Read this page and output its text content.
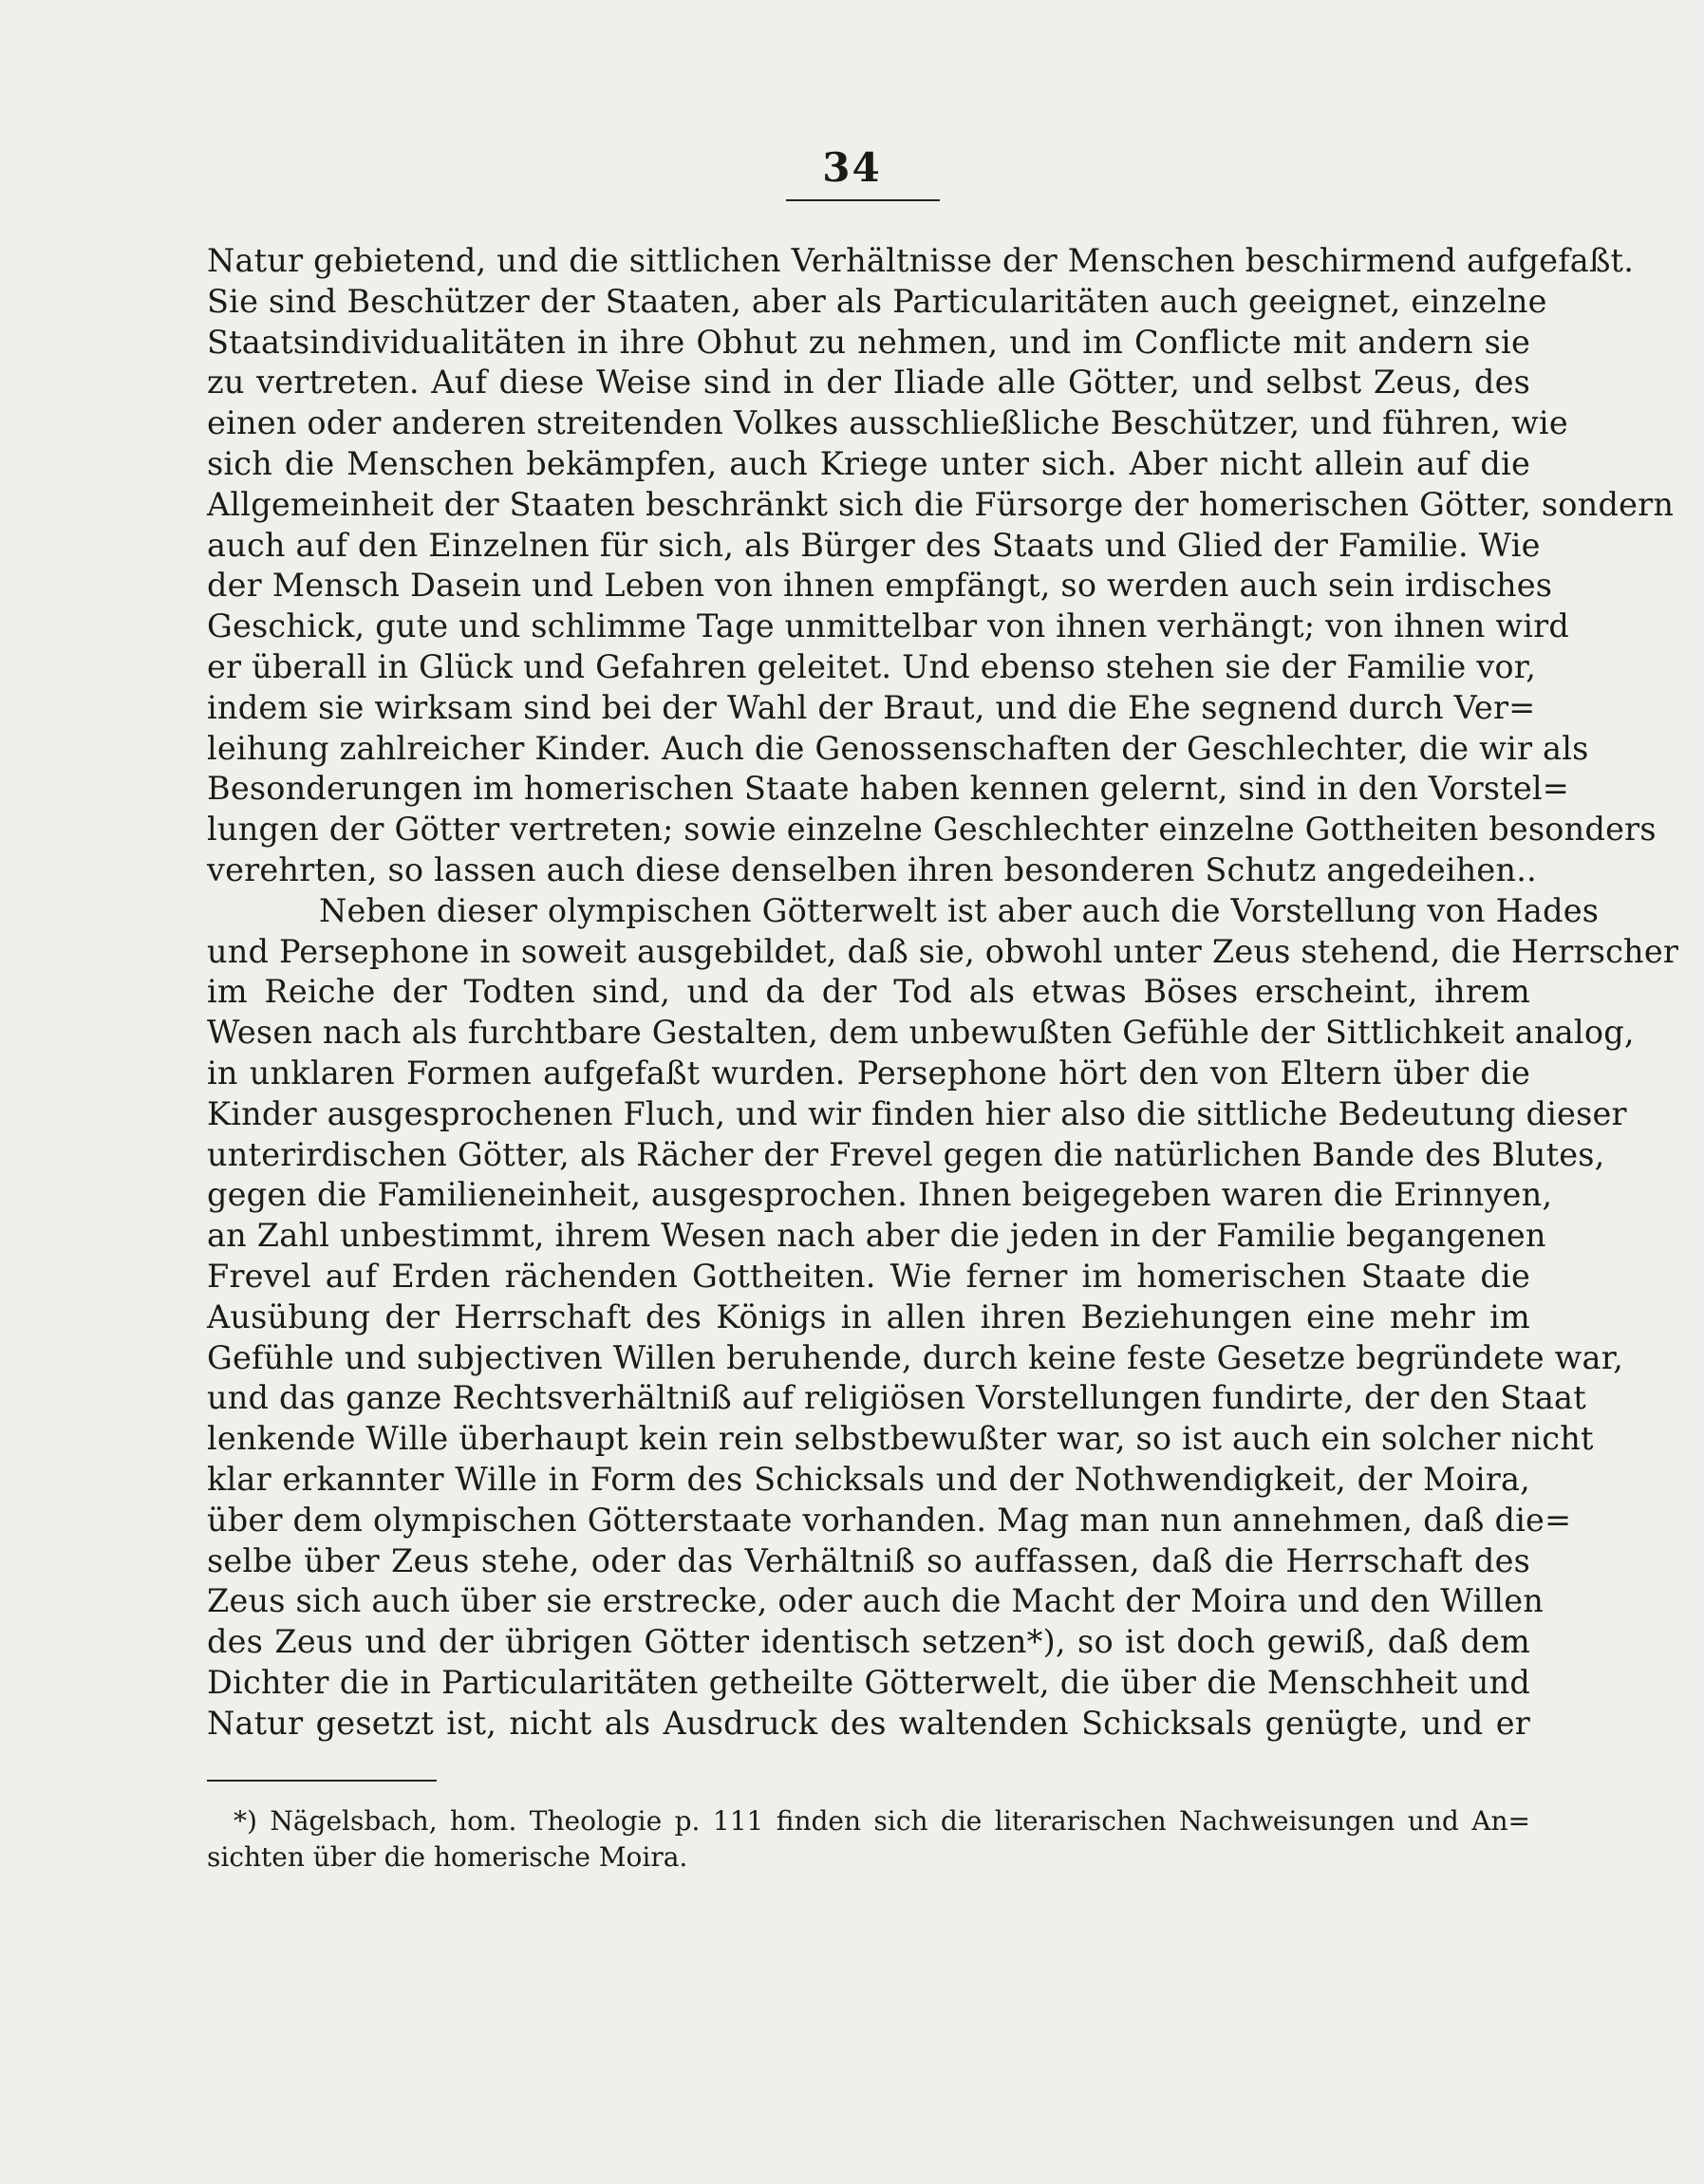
34
Natur gebietend, und die sittlichen Verhältnisse der Menschen beschirmend aufgefaßt.
Sie sind Beschützer der Staaten, aber als Particularitäten auch geeignet, einzelne
Staatsindividualitäten in ihre Obhut zu nehmen, und im Conflicte mit andern sie
zu vertreten. Auf diese Weise sind in der Iliade alle Götter, und selbst Zeus, des
einen oder anderen streitenden Volkes ausschließliche Beschützer, und führen, wie
sich die Menschen bekämpfen, auch Kriege unter sich. Aber nicht allein auf die
Allgemeinheit der Staaten beschränkt sich die Fürsorge der homerischen Götter, sondern
auch auf den Einzelnen für sich, als Bürger des Staats und Glied der Familie. Wie
der Mensch Dasein und Leben von ihnen empfängt, so werden auch sein irdisches
Geschick, gute und schlimme Tage unmittelbar von ihnen verhängt; von ihnen wird
er überall in Glück und Gefahren geleitet. Und ebenso stehen sie der Familie vor,
indem sie wirksam sind bei der Wahl der Braut, und die Ehe segnend durch Ver=
leihung zahlreicher Kinder. Auch die Genossenschaften der Geschlechter, die wir als
Besonderungen im homerischen Staate haben kennen gelernt, sind in den Vorstel=
lungen der Götter vertreten; sowie einzelne Geschlechter einzelne Gottheiten besonders
verehrten, so lassen auch diese denselben ihren besonderen Schutz angedeihen..
Neben dieser olympischen Götterwelt ist aber auch die Vorstellung von Hades
und Persephone in soweit ausgebildet, daß sie, obwohl unter Zeus stehend, die Herrscher
im Reiche der Todten sind, und da der Tod als etwas Böses erscheint, ihrem
Wesen nach als furchtbare Gestalten, dem unbewußten Gefühle der Sittlichkeit analog,
in unklaren Formen aufgefaßt wurden. Persephone hört den von Eltern über die
Kinder ausgesprochenen Fluch, und wir finden hier also die sittliche Bedeutung dieser
unterirdischen Götter, als Rächer der Frevel gegen die natürlichen Bande des Blutes,
gegen die Familieneinheit, ausgesprochen. Ihnen beigegeben waren die Erinnyen,
an Zahl unbestimmt, ihrem Wesen nach aber die jeden in der Familie begangenen
Frevel auf Erden rächenden Gottheiten. Wie ferner im homerischen Staate die
Ausübung der Herrschaft des Königs in allen ihren Beziehungen eine mehr im
Gefühle und subjectiven Willen beruhende, durch keine feste Gesetze begründete war,
und das ganze Rechtsverhältniß auf religiösen Vorstellungen fundirte, der den Staat
lenkende Wille überhaupt kein rein selbstbewußter war, so ist auch ein solcher nicht
klar erkannter Wille in Form des Schicksals und der Nothwendigkeit, der Moira,
über dem olympischen Götterstaate vorhanden. Mag man nun annehmen, daß die=
selbe über Zeus stehe, oder das Verhältniß so auffassen, daß die Herrschaft des
Zeus sich auch über sie erstrecke, oder auch die Macht der Moira und den Willen
des Zeus und der übrigen Götter identisch setzen*), so ist doch gewiß, daß dem
Dichter die in Particularitäten getheilte Götterwelt, die über die Menschheit und
Natur gesetzt ist, nicht als Ausdruck des waltenden Schicksals genügte, und er
*) Nägelsbach, hom. Theologie p. 111 finden sich die literarischen Nachweisungen und An=
sichten über die homerische Moira.
